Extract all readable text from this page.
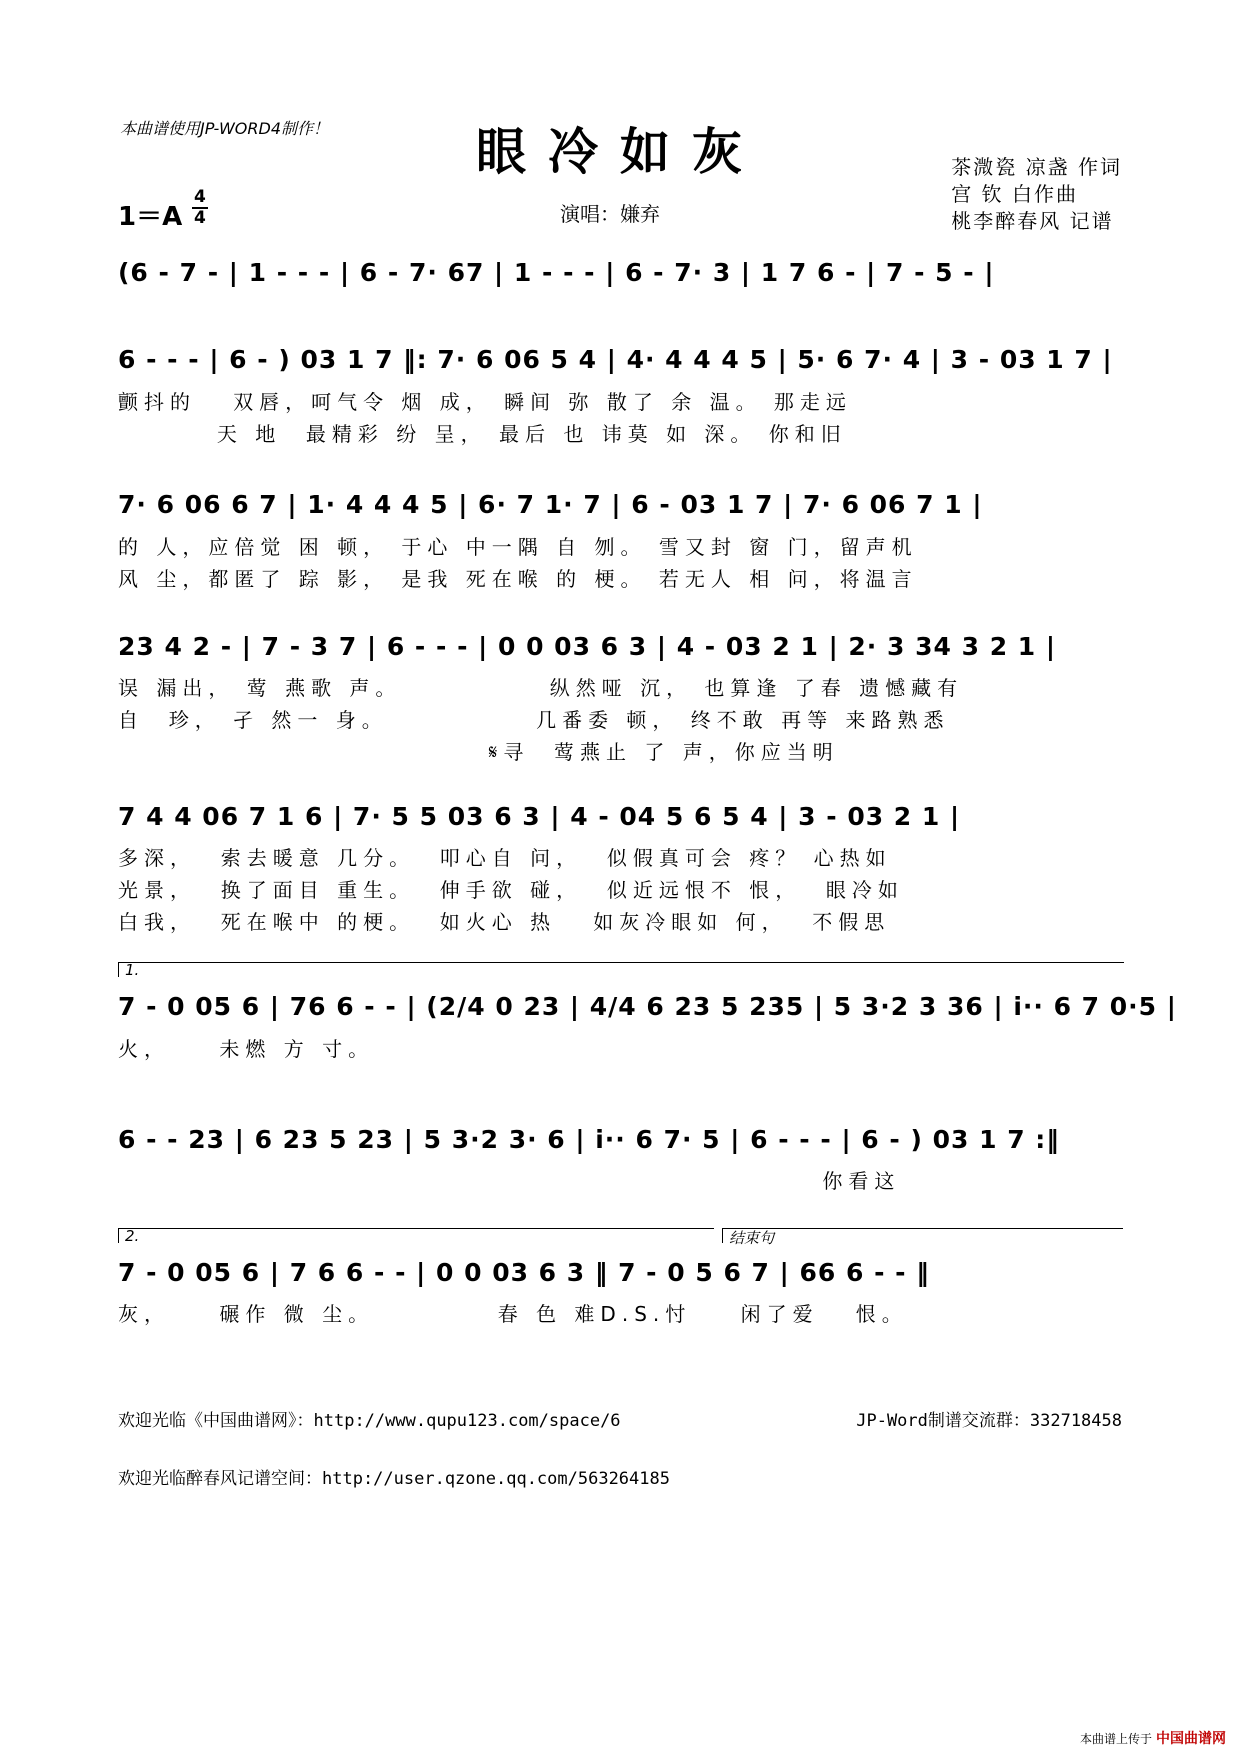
本曲谱使用JP-WORD4制作！	眼冷如灰
1＝A
4
4	演唱：嫌弃
茶溦瓷 凉盏 作词
宫 钦 白作曲
桃李醉春风 记谱
(6 - 7 - | 1 - - - | 6 - 7· 67 | 1 - - - | 6 - 7· 3 | 1 7 6 - | 7 - 5 - |
6 - - - | 6 - ) 03 1 7 ‖: 7· 6 06 5 4 | 4· 4 4 4 5 | 5· 6 7· 4 | 3 - 03 1 7 |
颤抖的   双唇，呵气令 烟 成， 瞬间 弥 散了 余 温。 那走远
天 地  最精彩 纷 呈， 最后 也 讳莫 如 深。 你和旧
7· 6 06 6 7 | 1· 4 4 4 5 | 6· 7 1· 7 | 6 - 03 1 7 | 7· 6 06 7 1 |
的 人，应倍觉 困 顿， 于心 中一隅 自 刎。 雪又封 窗 门，留声机
风 尘，都匿了 踪 影， 是我 死在喉 的 梗。 若无人 相 问，将温言
23 4 2 - | 7 - 3 7 | 6 - - - | 0 0 03 6 3 | 4 - 03 2 1 | 2· 3 34 3 2 1 |
误 漏出， 莺 燕歌 声。            纵然哑 沉， 也算逢 了春 遗憾藏有
自  珍， 孑 然一 身。            几番委 顿， 终不敢 再等 来路熟悉
𝄋寻  莺燕止 了 声，你应当明
7 4 4 06 7 1 6 | 7· 5 5 03 6 3 | 4 - 04 5 6 5 4 | 3 - 03 2 1 |
多深，  索去暖意 几分。  叩心自 问，  似假真可会 疼？ 心热如
光景，  换了面目 重生。  伸手欲 碰，  似近远恨不 恨，  眼冷如
白我，  死在喉中 的梗。  如火心 热   如灰冷眼如 何，  不假思
1.
7 - 0 05 6 | 76 6 - - | (2/4 0 23 | 4/4 6 23 5 235 | 5 3·2 3 36 | i·· 6 7 0·5 |
火，    未燃 方 寸。
6 - - 23 | 6 23 5 23 | 5 3·2 3· 6 | i·· 6 7· 5 | 6 - - - | 6 - ) 03 1 7 :‖
你看这
2.	结束句
7 - 0 05 6 | 7 6 6 - - | 0 0 03 6 3 ‖ 7 - 0 5 6 7 | 66 6 - - ‖
灰，    碾作 微 尘。          春 色 难D.S.忖    闲了爱   恨。
欢迎光临《中国曲谱网》：http://www.qupu123.com/space/6	JP-Word制谱交流群：332718458
欢迎光临醉春风记谱空间：http://user.qzone.qq.com/563264185
本曲谱上传于 中国曲谱网
